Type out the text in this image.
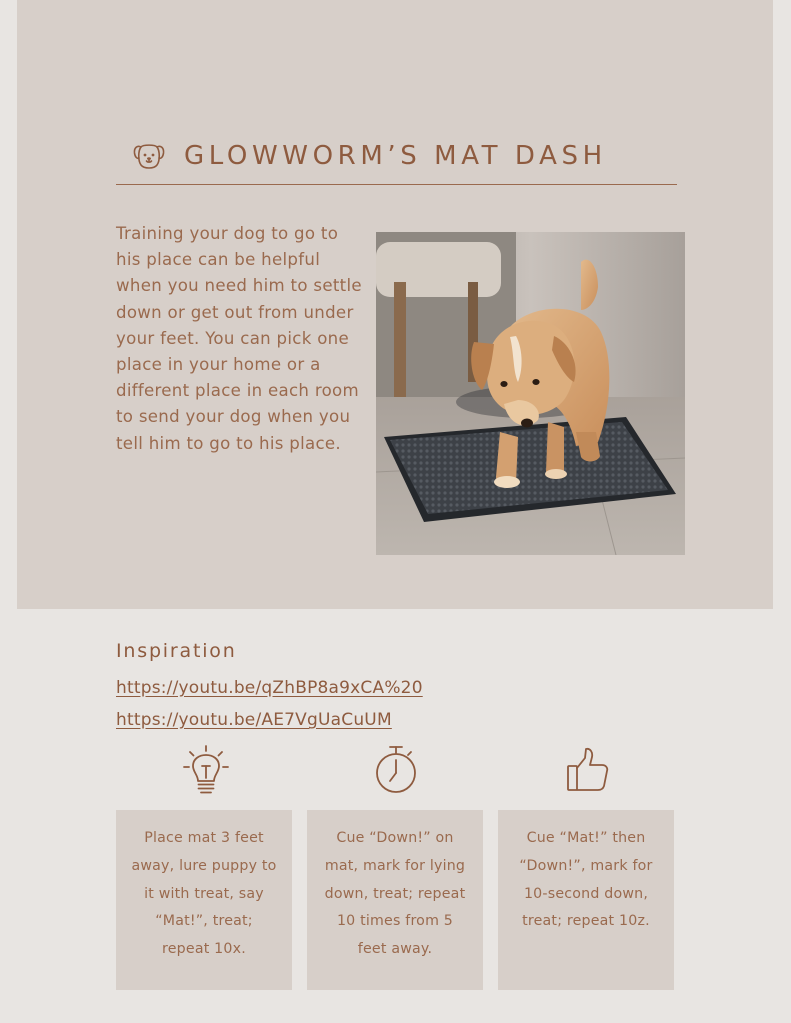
GLOWWORM’S MAT DASH

Training your dog to go to his place can be helpful when you need him to settle down or get out from under your feet. You can pick one place in your home or a different place in each room to send your dog when you tell him to go to his place.

Inspiration
https://youtu.be/qZhBP8a9xCA%20
https://youtu.be/AE7VgUaCuUM
Place mat 3 feet away, lure puppy to it with treat, say “Mat!”, treat; repeat 10x.
Cue “Down!” on mat, mark for lying down, treat; repeat 10 times from 5 feet away.
Cue “Mat!” then “Down!”, mark for 10-second down, treat; repeat 10z.
